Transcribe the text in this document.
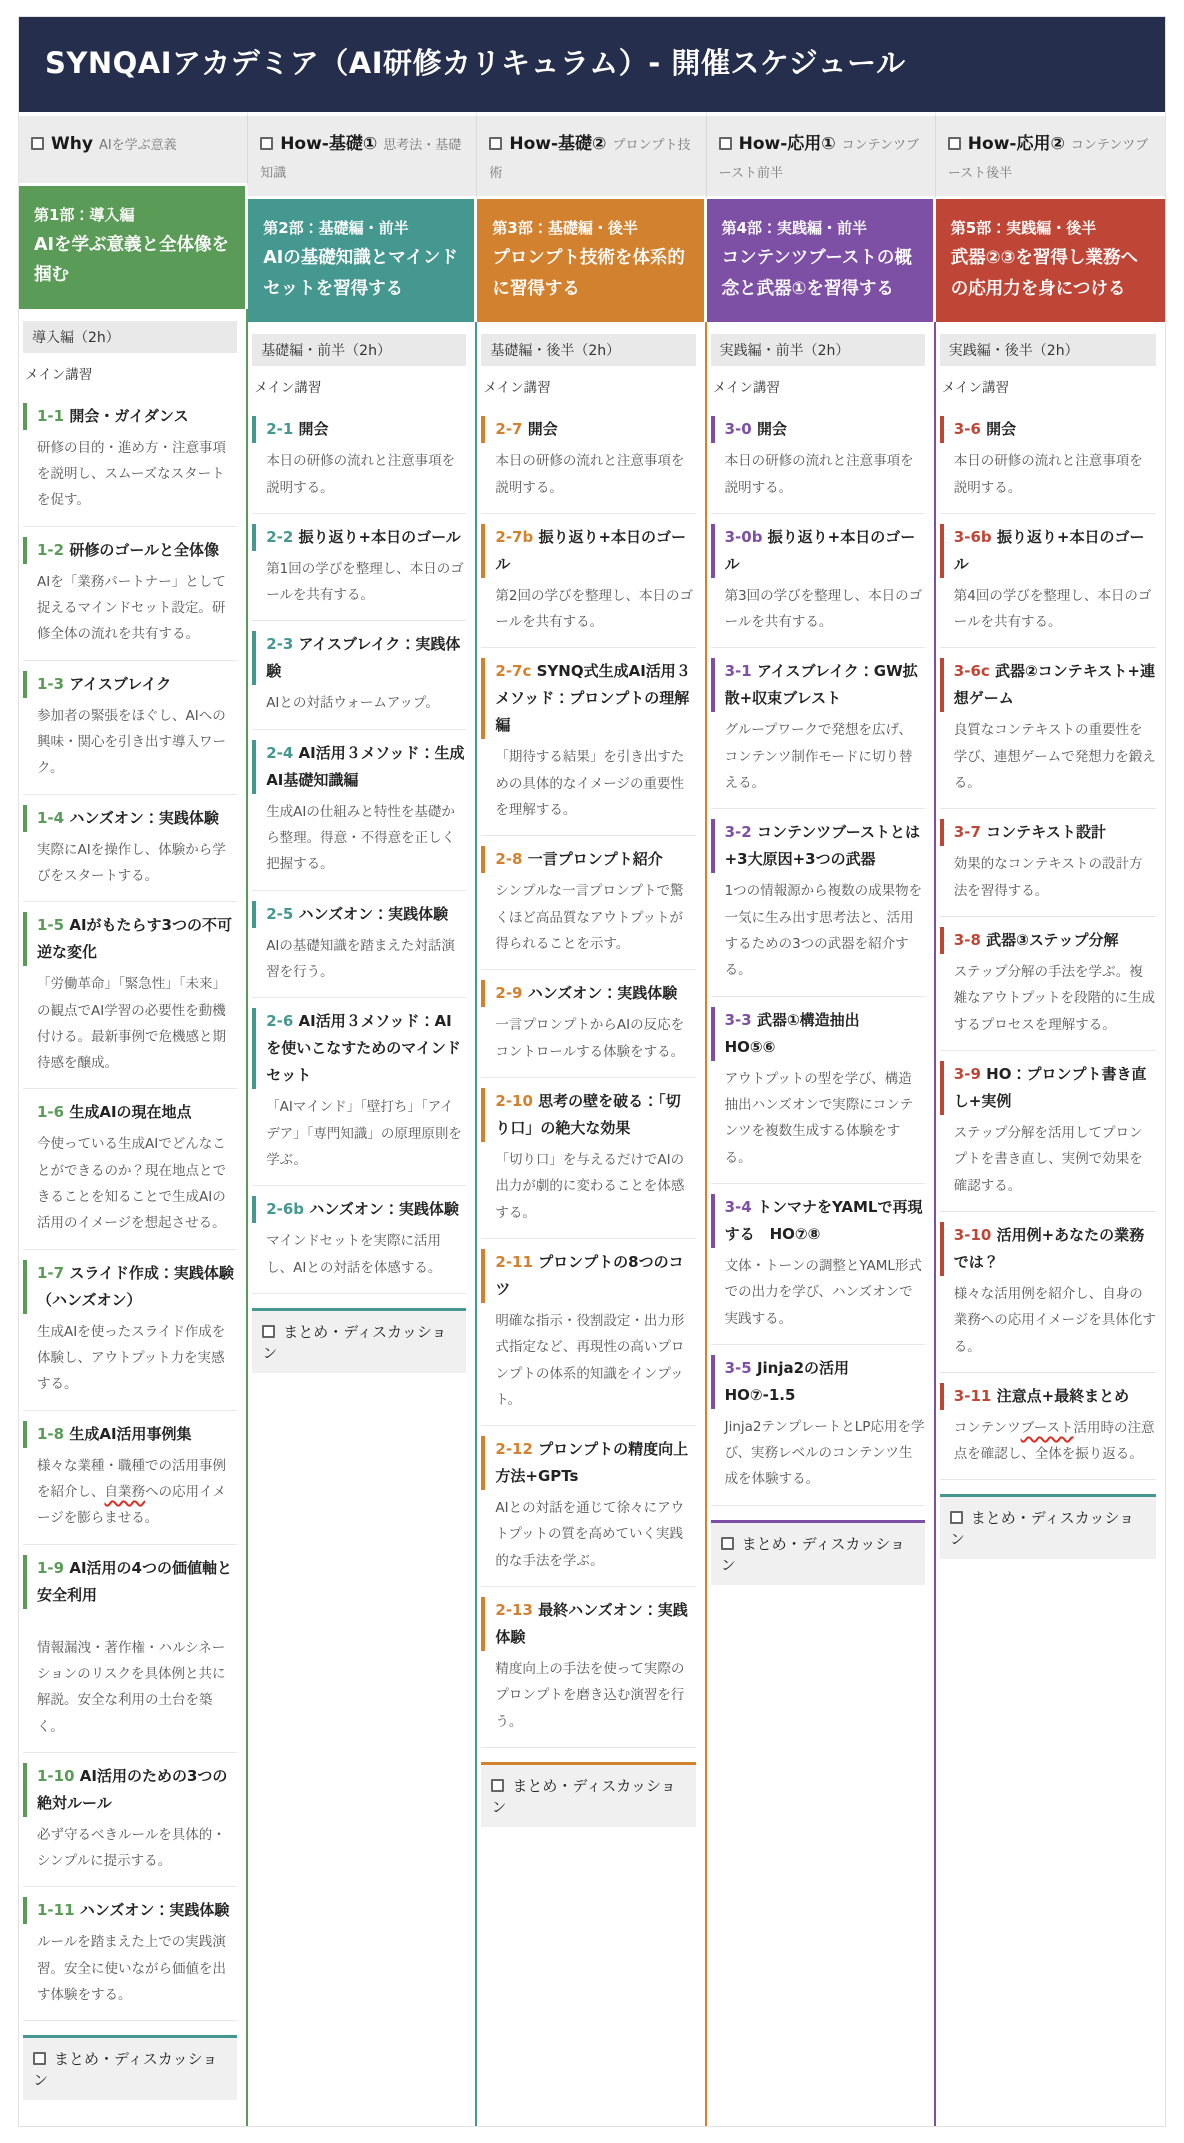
SYNQAIアカデミア（AI研修カリキュラム）- 開催スケジュール
Why AIを学ぶ意義
第1部：導入編
AIを学ぶ意義と全体像を掴む
導入編（2h）
メイン講習
1-1 開会・ガイダンス
研修の目的・進め方・注意事項を説明し、スムーズなスタートを促す。
1-2 研修のゴールと全体像
AIを「業務パートナー」として捉えるマインドセット設定。研修全体の流れを共有する。
1-3 アイスブレイク
参加者の緊張をほぐし、AIへの興味・関心を引き出す導入ワーク。
1-4 ハンズオン：実践体験
実際にAIを操作し、体験から学びをスタートする。
1-5 AIがもたらす3つの不可逆な変化
「労働革命」「緊急性」「未来」の観点でAI学習の必要性を動機付ける。最新事例で危機感と期待感を醸成。
1-6 生成AIの現在地点
今使っている生成AIでどんなことができるのか？現在地点とできることを知ることで生成AIの活用のイメージを想起させる。
1-7 スライド作成：実践体験（ハンズオン）
生成AIを使ったスライド作成を体験し、アウトプット力を実感する。
1-8 生成AI活用事例集
様々な業種・職種での活用事例を紹介し、自業務への応用イメージを膨らませる。
1-9 AI活用の4つの価値軸と安全利用
情報漏洩・著作権・ハルシネーションのリスクを具体例と共に解説。安全な利用の土台を築く。
1-10 AI活用のための3つの絶対ルール
必ず守るべきルールを具体的・シンプルに提示する。
1-11 ハンズオン：実践体験
ルールを踏まえた上での実践演習。安全に使いながら価値を出す体験をする。
まとめ・ディスカッション
How-基礎① 思考法・基礎知識
第2部：基礎編・前半
AIの基礎知識とマインドセットを習得する
基礎編・前半（2h）
メイン講習
2-1 開会
本日の研修の流れと注意事項を説明する。
2-2 振り返り+本日のゴール
第1回の学びを整理し、本日のゴールを共有する。
2-3 アイスブレイク：実践体験
AIとの対話ウォームアップ。
2-4 AI活用３メソッド：生成AI基礎知識編
生成AIの仕組みと特性を基礎から整理。得意・不得意を正しく把握する。
2-5 ハンズオン：実践体験
AIの基礎知識を踏まえた対話演習を行う。
2-6 AI活用３メソッド：AIを使いこなすためのマインドセット
「AIマインド」「壁打ち」「アイデア」「専門知識」の原理原則を学ぶ。
2-6b ハンズオン：実践体験
マインドセットを実際に活用し、AIとの対話を体感する。
まとめ・ディスカッション
How-基礎② プロンプト技術
第3部：基礎編・後半
プロンプト技術を体系的に習得する
基礎編・後半（2h）
メイン講習
2-7 開会
本日の研修の流れと注意事項を説明する。
2-7b 振り返り+本日のゴール
第2回の学びを整理し、本日のゴールを共有する。
2-7c SYNQ式生成AI活用３メソッド：プロンプトの理解編
「期待する結果」を引き出すための具体的なイメージの重要性を理解する。
2-8 一言プロンプト紹介
シンプルな一言プロンプトで驚くほど高品質なアウトプットが得られることを示す。
2-9 ハンズオン：実践体験
一言プロンプトからAIの反応をコントロールする体験をする。
2-10 思考の壁を破る：「切り口」の絶大な効果
「切り口」を与えるだけでAIの出力が劇的に変わることを体感する。
2-11 プロンプトの8つのコツ
明確な指示・役割設定・出力形式指定など、再現性の高いプロンプトの体系的知識をインプット。
2-12 プロンプトの精度向上方法+GPTs
AIとの対話を通じて徐々にアウトプットの質を高めていく実践的な手法を学ぶ。
2-13 最終ハンズオン：実践体験
精度向上の手法を使って実際のプロンプトを磨き込む演習を行う。
まとめ・ディスカッション
How-応用① コンテンツブースト前半
第4部：実践編・前半
コンテンツブーストの概念と武器①を習得する
実践編・前半（2h）
メイン講習
3-0 開会
本日の研修の流れと注意事項を説明する。
3-0b 振り返り+本日のゴール
第3回の学びを整理し、本日のゴールを共有する。
3-1 アイスブレイク：GW拡散+収束ブレスト
グループワークで発想を広げ、コンテンツ制作モードに切り替える。
3-2 コンテンツブーストとは+3大原因+3つの武器
1つの情報源から複数の成果物を一気に生み出す思考法と、活用するための3つの武器を紹介する。
3-3 武器①構造抽出　HO⑤⑥
アウトプットの型を学び、構造抽出ハンズオンで実際にコンテンツを複数生成する体験をする。
3-4 トンマナをYAMLで再現する　HO⑦⑧
文体・トーンの調整とYAML形式での出力を学び、ハンズオンで実践する。
3-5 Jinja2の活用　HO⑦-1.5
Jinja2テンプレートとLP応用を学び、実務レベルのコンテンツ生成を体験する。
まとめ・ディスカッション
How-応用② コンテンツブースト後半
第5部：実践編・後半
武器②③を習得し業務への応用力を身につける
実践編・後半（2h）
メイン講習
3-6 開会
本日の研修の流れと注意事項を説明する。
3-6b 振り返り+本日のゴール
第4回の学びを整理し、本日のゴールを共有する。
3-6c 武器②コンテキスト+連想ゲーム
良質なコンテキストの重要性を学び、連想ゲームで発想力を鍛える。
3-7 コンテキスト設計
効果的なコンテキストの設計方法を習得する。
3-8 武器③ステップ分解
ステップ分解の手法を学ぶ。複雑なアウトプットを段階的に生成するプロセスを理解する。
3-9 HO：プロンプト書き直し+実例
ステップ分解を活用してプロンプトを書き直し、実例で効果を確認する。
3-10 活用例+あなたの業務では？
様々な活用例を紹介し、自身の業務への応用イメージを具体化する。
3-11 注意点+最終まとめ
コンテンツブースト活用時の注意点を確認し、全体を振り返る。
まとめ・ディスカッション
